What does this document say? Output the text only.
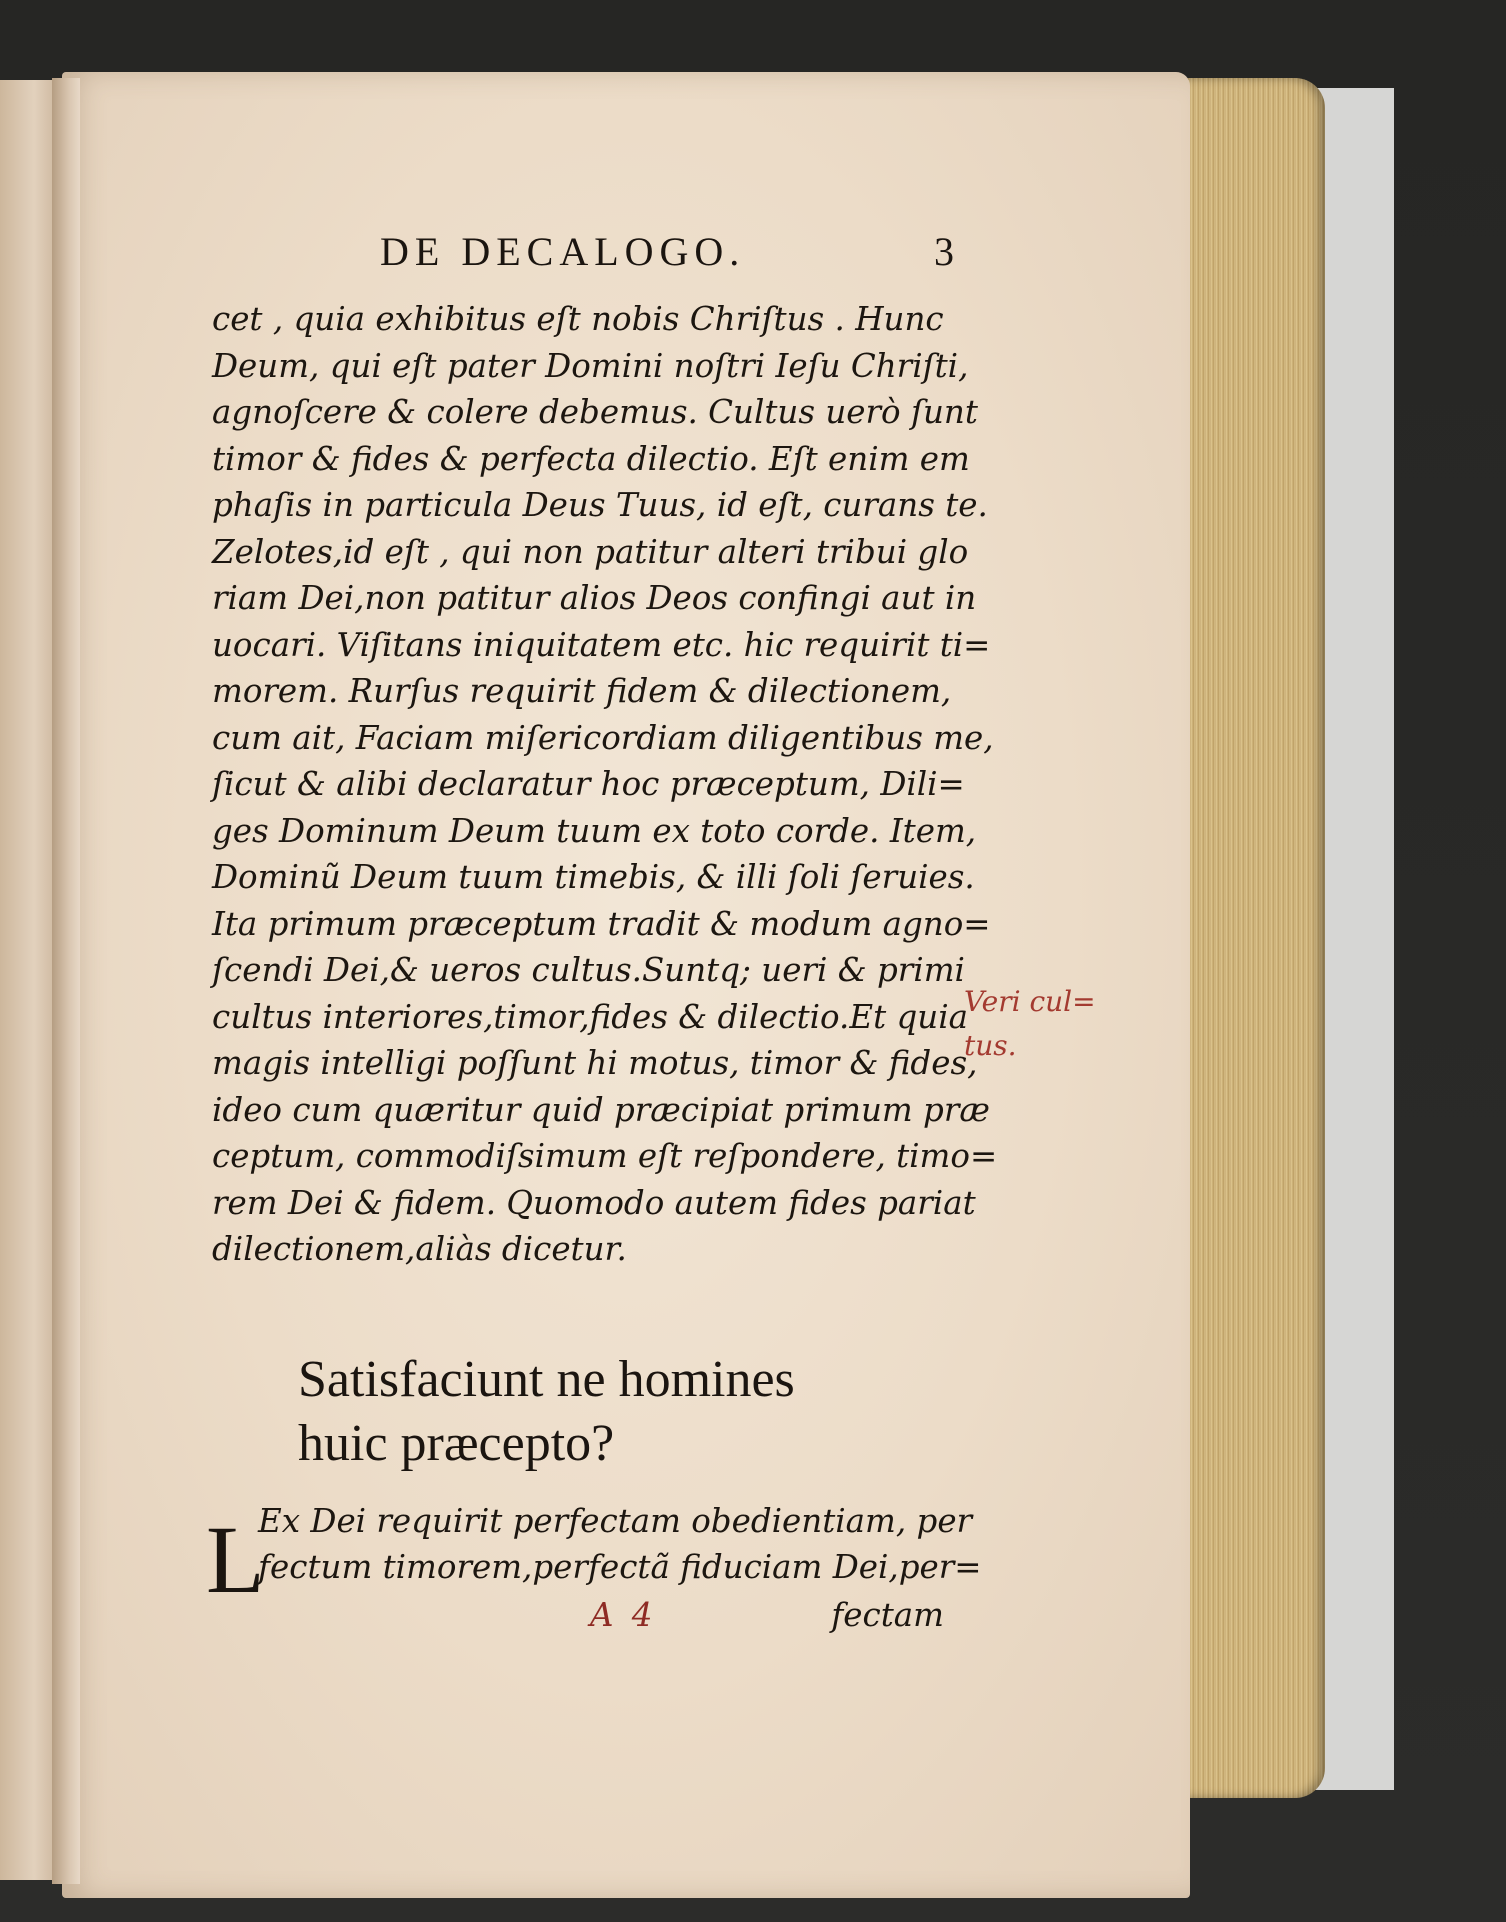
DE DECALOGO.	3
cet , quia exhibitus eſt nobis Chriſtus . Hunc
Deum, qui eſt pater Domini noſtri Ieſu Chriſti,
agnoſcere & colere debemus. Cultus uerò ſunt
timor & fides & perfecta dilectio. Eſt enim em
phaſis in particula Deus Tuus, id eſt, curans te.
Zelotes,id eſt , qui non patitur alteri tribui glo
riam Dei,non patitur alios Deos confingi aut in
uocari. Viſitans iniquitatem etc. hic requirit ti=
morem. Rurſus requirit fidem & dilectionem,
cum ait, Faciam miſericordiam diligentibus me,
ſicut & alibi declaratur hoc præceptum, Dili=
ges Dominum Deum tuum ex toto corde. Item,
Dominũ Deum tuum timebis, & illi ſoli ſeruies.
Ita primum præceptum tradit & modum agno=
ſcendi Dei,& ueros cultus.Suntq; ueri & primi
cultus interiores,timor,fides & dilectio.Et quia
magis intelligi poſſunt hi motus, timor & fides,
ideo cum quæritur quid præcipiat primum præ
ceptum, commodiſsimum eſt reſpondere, timo=
rem Dei & fidem. Quomodo autem fides pariat
dilectionem,aliàs dicetur.
Veri cul=
tus.
Satisfaciunt ne homines
huic præcepto?
L
Ex Dei requirit perfectam obedientiam, per
fectum timorem,perfectã fiduciam Dei,per=
A 4	fectam
